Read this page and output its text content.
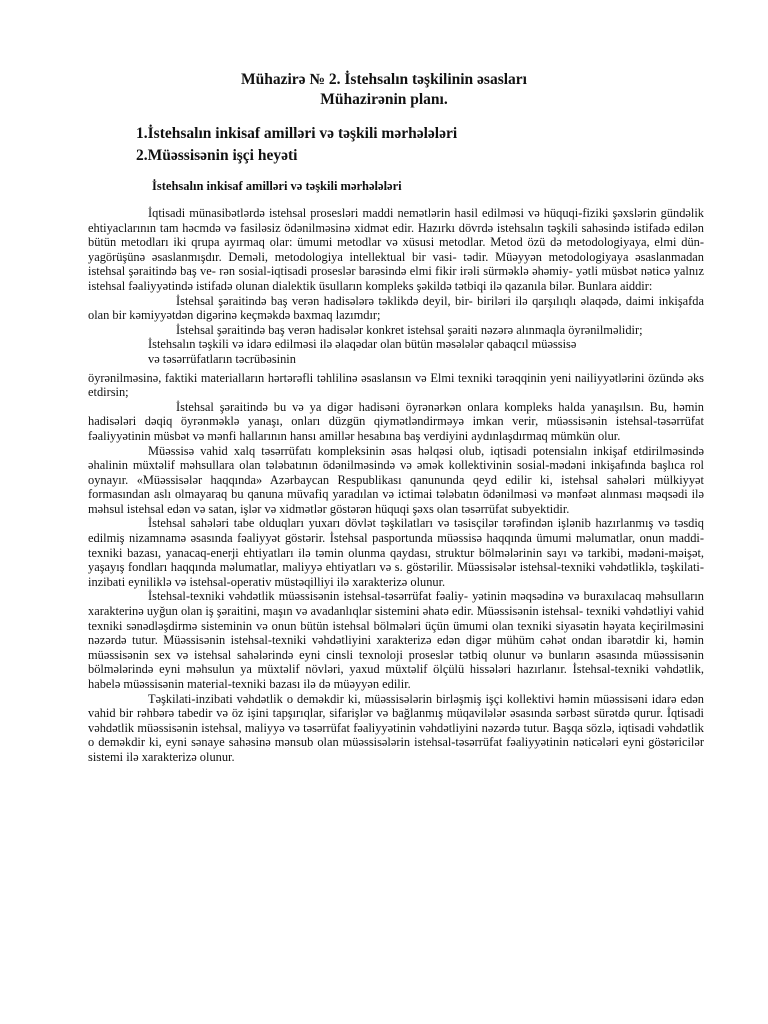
Mühazirə № 2. İstehsalın təşkilinin əsasları
Mühazirənin planı.
1.İstehsalın inkisaf amilləri və təşkili mərhələləri
2.Müəssisənin işçi heyəti
İstehsalın inkisaf amilləri və təşkili mərhələləri

İqtisadi münasibətlərdə istehsal prosesləri maddi nemətlərin hasil edilməsi və hüquqi-fiziki şəxslərin gündəlik ehtiyaclarının tam həcmdə və fasiləsiz ödənilməsinə xidmət edir. Hazırkı dövrdə istehsalın təşkili sahəsində istifadə edilən bütün metodları iki qrupa ayırmaq olar: ümumi metodlar və xüsusi metodlar. Metod özü də metodologiyaya, elmi dün- yagörüşünə əsaslanmışdır. Deməli, metodologiya intellektual bir vasi- tədir. Müəyyən metodologiyaya əsaslanmadan istehsal şəraitində baş ve- rən sosial-iqtisadi proseslər barəsində elmi fikir irəli sürməklə əhəmiy- yətli müsbət nəticə yalnız istehsal fəaliyyətində istifadə olunan dialektik üsulların kompleks şəkildə tətbiqi ilə qazanıla bilər. Bunlara aiddir:

İstehsal şəraitində baş verən hadisələrə təklikdə deyil, bir- biriləri ilə qarşılıqlı əlaqədə, daimi inkişafda olan bir kəmiyyətdən digərinə keçməkdə baxmaq lazımdır;

İstehsal şəraitində baş verən hadisələr konkret istehsal şəraiti nəzərə alınmaqla öyrənilməlidir;

İstehsalın təşkili və idarə edilməsi ilə əlaqədar olan bütün məsələlər qabaqcıl müəssisə

və təsərrüfatların təcrübəsinin

öyrənilməsinə, faktiki materialların hərtərəfli təhlilinə əsaslansın və Elmi texniki tərəqqinin yeni nailiyyətlərini özündə əks etdirsin;

İstehsal şəraitində bu və ya digər hadisəni öyrənərkən onlara kompleks halda yanaşılsın. Bu, həmin hadisələri dəqiq öyrənməklə yanaşı, onları düzgün qiymətləndirməyə imkan verir, müəssisənin istehsal-təsərrüfat fəaliyyətinin müsbət və mənfi hallarının hansı amillər hesabına baş verdiyini aydınlaşdırmaq mümkün olur.

Müəssisə vahid xalq təsərrüfatı kompleksinin əsas həlqəsi olub, iqtisadi potensialın inkişaf etdirilməsində əhalinin müxtəlif məhsullara olan tələbatının ödənilməsində və əmək kollektivinin sosial-mədəni inkişafında başlıca rol oynayır. «Müəssisələr haqqında» Azərbaycan Respublikası qanununda qeyd edilir ki, istehsal sahələri mülkiyyət formasından aslı olmayaraq bu qanuna müvafiq yaradılan və ictimai tələbatın ödənilməsi və mənfəət alınması məqsədi ilə məhsul istehsal edən və satan, işlər və xidmətlər göstərən hüquqi şəxs olan təsərrüfat subyektidir.

İstehsal sahələri tabe olduqları yuxarı dövlət təşkilatları və təsisçilər tərəfindən işlənib hazırlanmış və təsdiq edilmiş nizamnamə əsasında fəaliyyət göstərir. İstehsal pasportunda müəssisə haqqında ümumi məlumatlar, onun maddi-texniki bazası, yanacaq-enerji ehtiyatları ilə təmin olunma qaydası, struktur bölmələrinin sayı və tarkibi, mədəni-məişət, yaşayış fondları haqqında məlumatlar, maliyyə ehtiyatları və s. göstərilir. Müəssisələr istehsal-texniki vəhdətliklə, təşkilati-inzibati eyniliklə və istehsal-operativ müstəqilliyi ilə xarakterizə olunur.

İstehsal-texniki vəhdətlik müəssisənin istehsal-təsərrüfat fəaliy- yətinin məqsədinə və buraxılacaq məhsulların xarakterinə uyğun olan iş şəraitini, maşın və avadanlıqlar sistemini əhatə edir. Müəssisənin istehsal- texniki vəhdətliyi vahid texniki sənədləşdirmə sisteminin və onun bütün istehsal bölmələri üçün ümumi olan texniki siyasətin həyata keçirilməsini nəzərdə tutur. Müəssisənin istehsal-texniki vəhdətliyini xarakterizə edən digər mühüm cəhət ondan ibarətdir ki, həmin müəssisənin sex və istehsal sahələrində eyni cinsli texnoloji proseslər tətbiq olunur və bunların əsasında müəssisənin bölmələrində eyni məhsulun ya müxtəlif növləri, yaxud müxtəlif ölçülü hissələri hazırlanır. İstehsal-texniki vəhdətlik, habelə müəssisənin material-texniki bazası ilə də müəyyən edilir.

Təşkilati-inzibati vəhdətlik o deməkdir ki, müəssisələrin birləşmiş işçi kollektivi həmin müəssisəni idarə edən vahid bir rəhbərə tabedir və öz işini tapşırıqlar, sifarişlər və bağlanmış müqavilələr əsasında sərbəst sürətdə qurur. İqtisadi vəhdətlik müəssisənin istehsal, maliyyə və təsərrüfat fəaliyyətinin vəhdətliyini nəzərdə tutur. Başqa sözlə, iqtisadi vəhdətlik o deməkdir ki, eyni sənaye sahəsinə mənsub olan müəssisələrin istehsal-təsərrüfat fəaliyyətinin nəticələri eyni göstəricilər sistemi ilə xarakterizə olunur.
